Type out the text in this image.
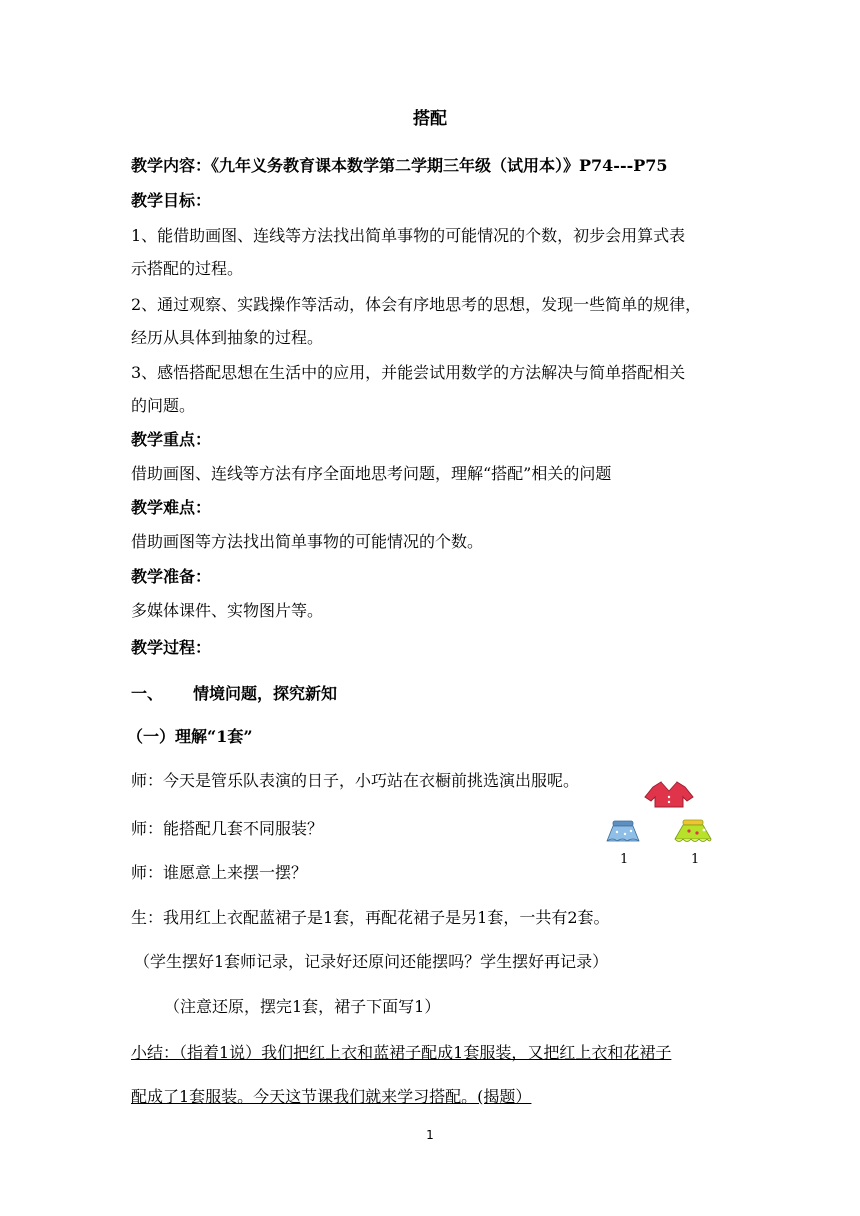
搭配
教学内容：《九年义务教育课本数学第二学期三年级（试用本）》P74---P75
教学目标：
1、能借助画图、连线等方法找出简单事物的可能情况的个数，初步会用算式表
示搭配的过程。
2、通过观察、实践操作等活动，体会有序地思考的思想，发现一些简单的规律，
经历从具体到抽象的过程。
3、感悟搭配思想在生活中的应用，并能尝试用数学的方法解决与简单搭配相关
的问题。
教学重点：
借助画图、连线等方法有序全面地思考问题，理解“搭配”相关的问题
教学难点：
借助画图等方法找出简单事物的可能情况的个数。
教学准备：
多媒体课件、实物图片等。
教学过程：
一、 情境问题，探究新知
（一）理解“1套”
师：今天是管乐队表演的日子，小巧站在衣橱前挑选演出服呢。
师：能搭配几套不同服装？
师：谁愿意上来摆一摆？
生：我用红上衣配蓝裙子是1套，再配花裙子是另1套，一共有2套。
（学生摆好1套师记录，记录好还原问还能摆吗？学生摆好再记录）
（注意还原，摆完1套，裙子下面写1）
小结：（指着1说）我们把红上衣和蓝裙子配成1套服装，又把红上衣和花裙子
配成了1套服装。今天这节课我们就来学习搭配。(揭题）
1	1
1
